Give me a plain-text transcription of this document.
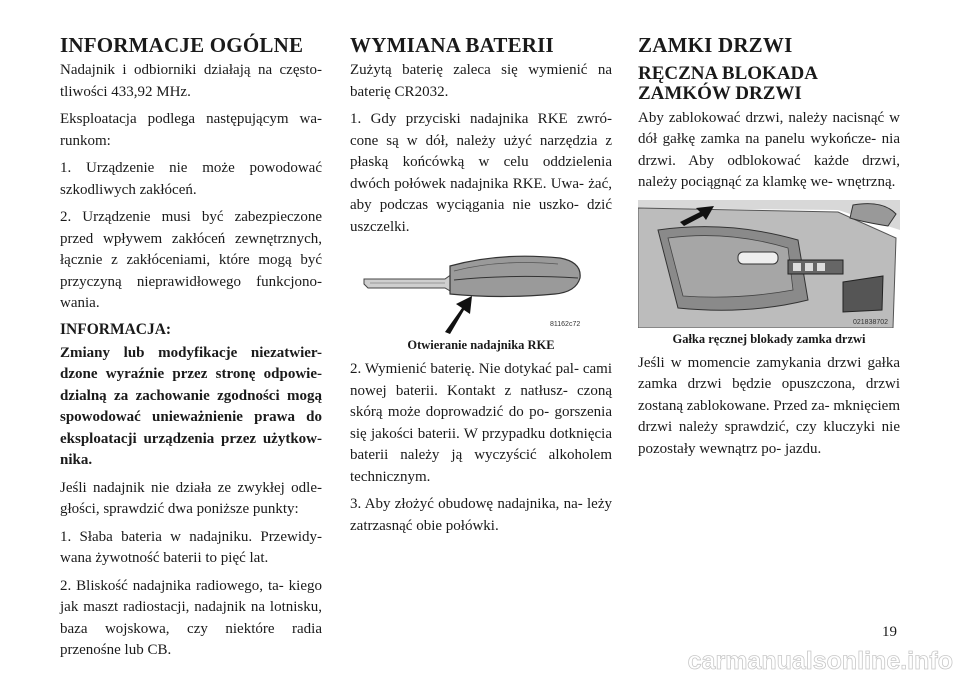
INFORMACJE OGÓLNE

Nadajnik i odbiorniki działają na często- tliwości 433,92 MHz.

Eksploatacja podlega następującym wa- runkom:

1. Urządzenie nie może powodować szkodliwych zakłóceń.

2. Urządzenie musi być zabezpieczone przed wpływem zakłóceń zewnętrznych, łącznie z zakłóceniami, które mogą być przyczyną nieprawidłowego funkcjono- wania.

INFORMACJA:

Zmiany lub modyfikacje niezatwier- dzone wyraźnie przez stronę odpowie- dzialną za zachowanie zgodności mogą spowodować unieważnienie prawa do eksploatacji urządzenia przez użytkow- nika.

Jeśli nadajnik nie działa ze zwykłej odle- głości, sprawdzić dwa poniższe punkty:

1. Słaba bateria w nadajniku. Przewidy- wana żywotność baterii to pięć lat.

2. Bliskość nadajnika radiowego, ta- kiego jak maszt radiostacji, nadajnik na lotnisku, baza wojskowa, czy niektóre radia przenośne lub CB.

WYMIANA BATERII

Zużytą baterię zaleca się wymienić na baterię CR2032.

1. Gdy przyciski nadajnika RKE zwró- cone są w dół, należy użyć narzędzia z płaską końcówką w celu oddzielenia dwóch połówek nadajnika RKE. Uwa- żać, aby podczas wyciągania nie uszko- dzić uszczelki.

81162c72
Otwieranie nadajnika RKE

2. Wymienić baterię. Nie dotykać pal- cami nowej baterii. Kontakt z natłusz- czoną skórą może doprowadzić do po- gorszenia się jakości baterii. W przypadku dotknięcia baterii należy ją wyczyścić alkoholem technicznym.

3. Aby złożyć obudowę nadajnika, na- leży zatrzasnąć obie połówki.

ZAMKI DRZWI
RĘCZNA BLOKADA
ZAMKÓW DRZWI

Aby zablokować drzwi, należy nacisnąć w dół gałkę zamka na panelu wykończe- nia drzwi. Aby odblokować każde drzwi, należy pociągnąć za klamkę we- wnętrzną.

021838702
Gałka ręcznej blokady zamka drzwi

Jeśli w momencie zamykania drzwi gałka zamka drzwi będzie opuszczona, drzwi zostaną zablokowane. Przed za- mknięciem drzwi należy sprawdzić, czy kluczyki nie pozostały wewnątrz po- jazdu.

19
carmanualsonline.info
